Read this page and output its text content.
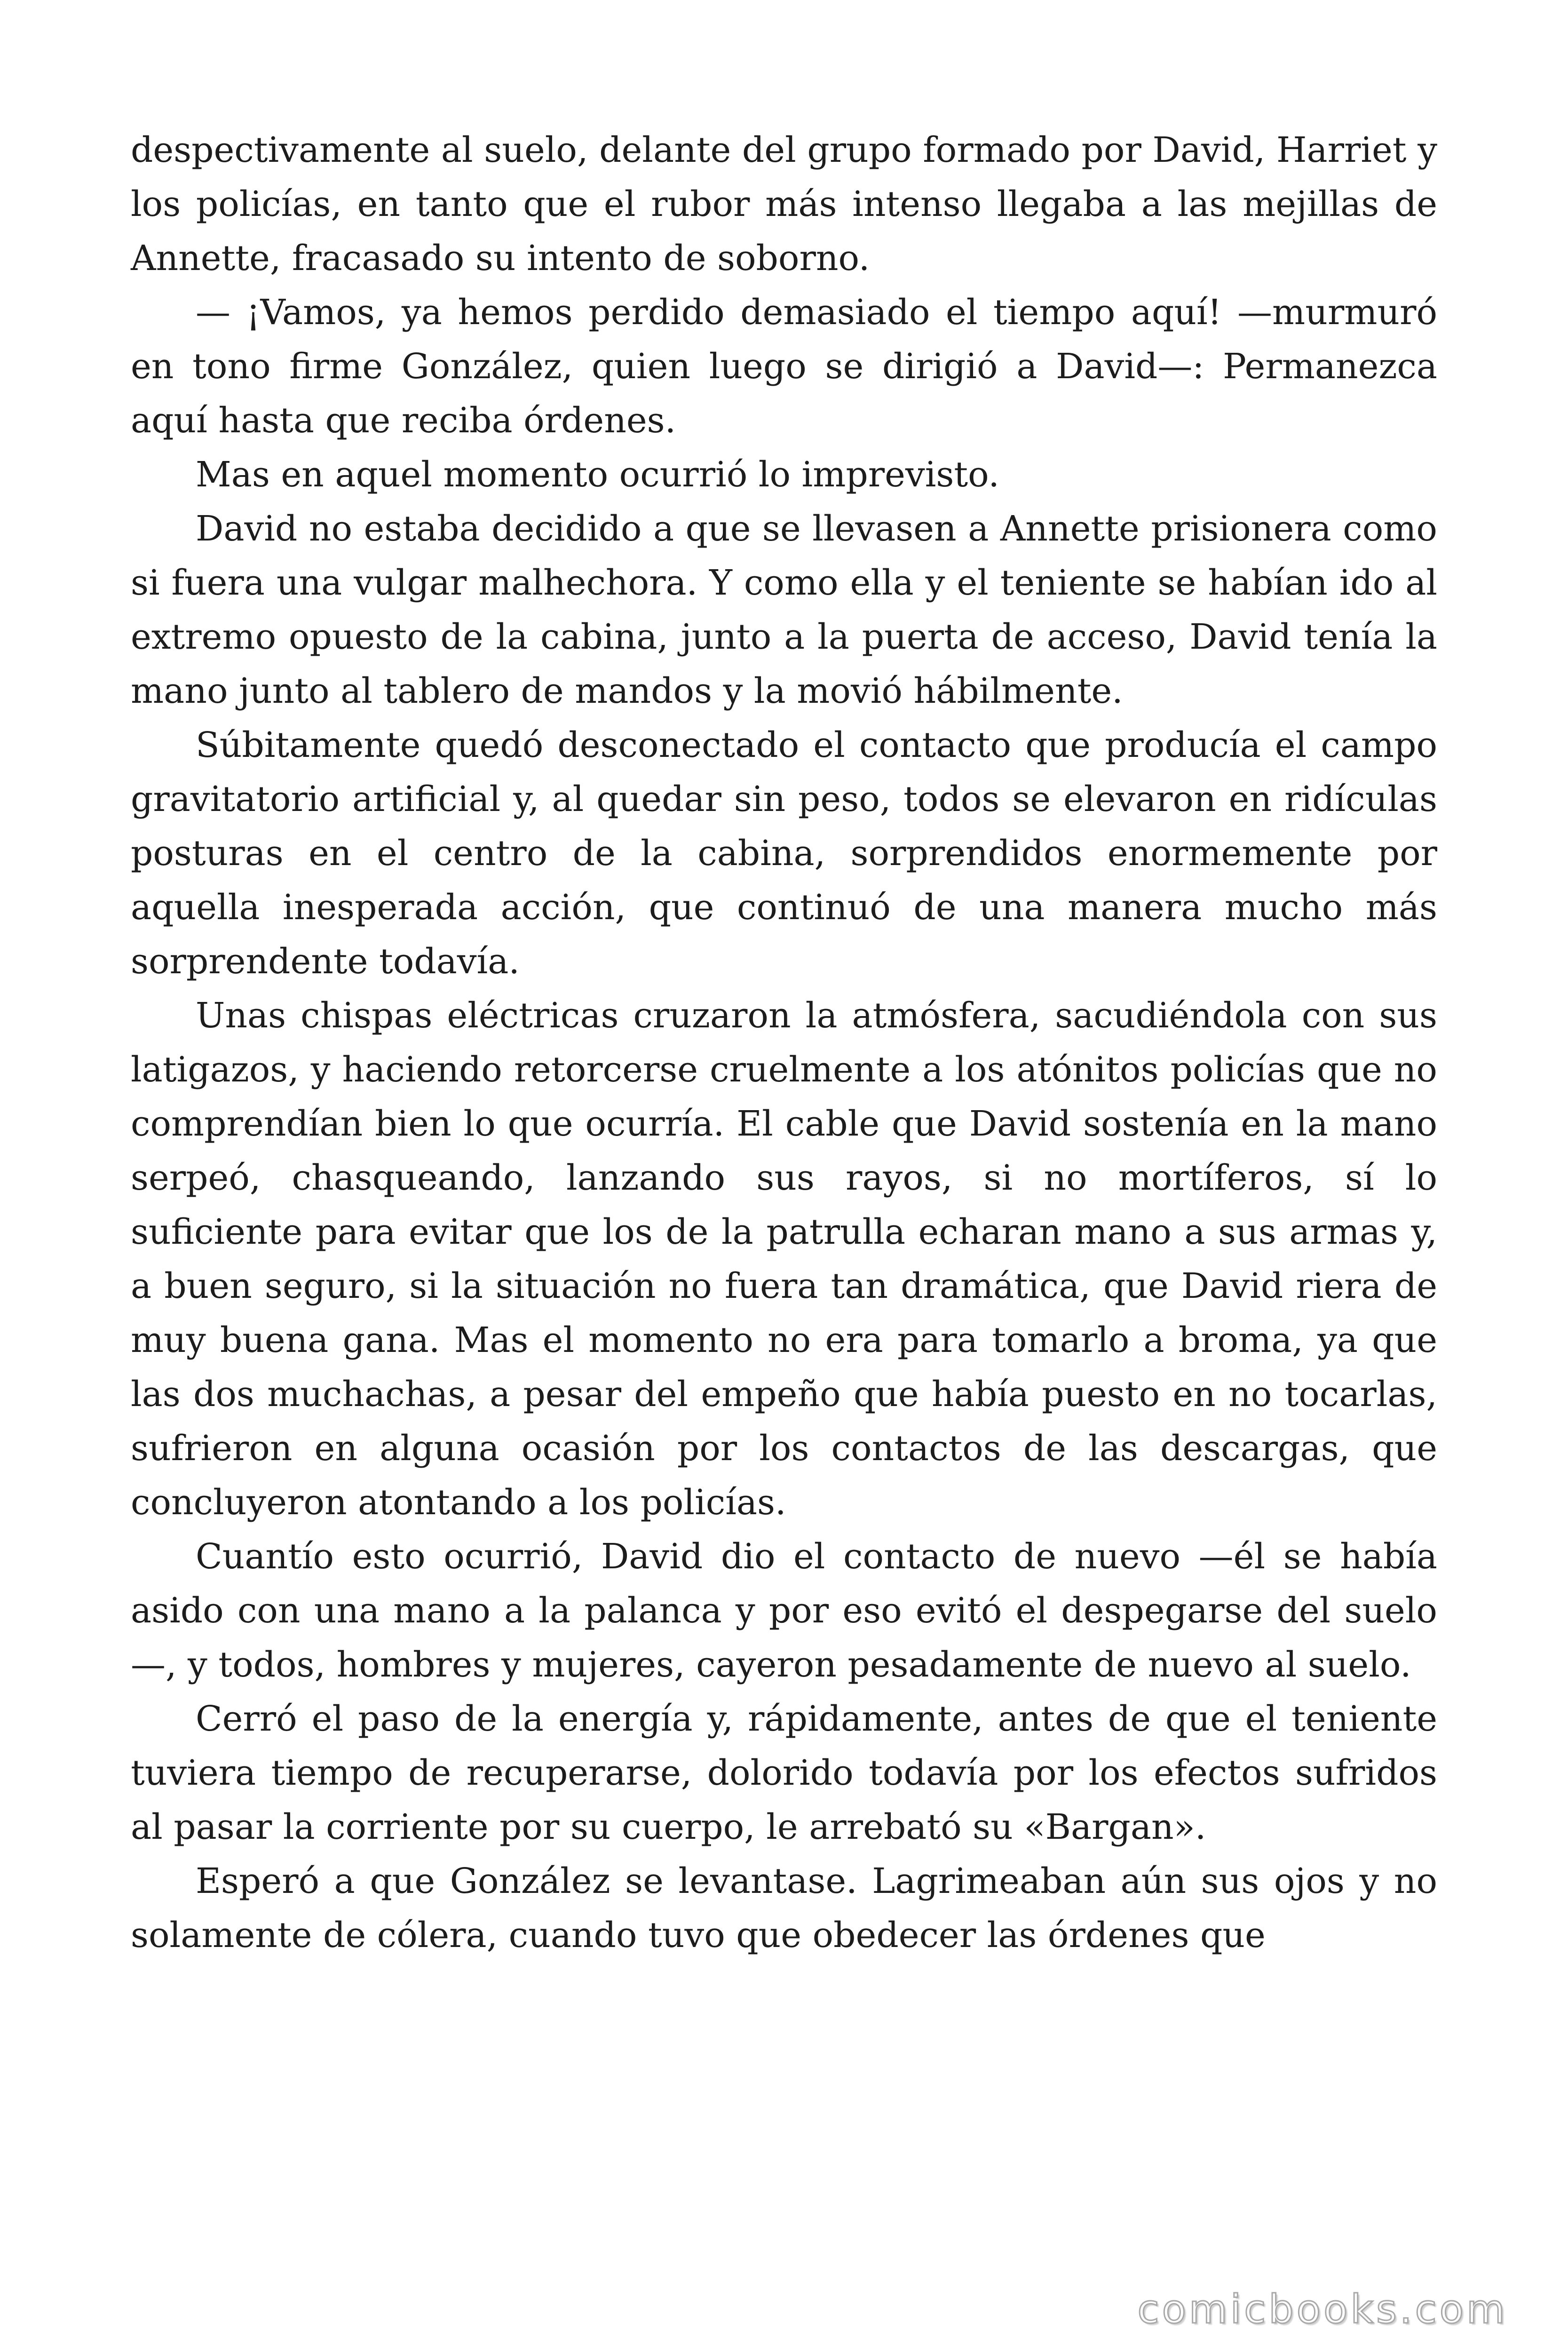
despectivamente al suelo, delante del grupo formado por David, Harriet y los policías, en tanto que el rubor más intenso llegaba a las mejillas de Annette, fracasado su intento de soborno.

— ¡Vamos, ya hemos perdido demasiado el tiempo aquí! —murmuró en tono firme González, quien luego se dirigió a David—: Permanezca aquí hasta que reciba órdenes.

Mas en aquel momento ocurrió lo imprevisto.

David no estaba decidido a que se llevasen a Annette prisionera como si fuera una vulgar malhechora. Y como ella y el teniente se habían ido al extremo opuesto de la cabina, junto a la puerta de acceso, David tenía la mano junto al tablero de mandos y la movió hábilmente.

Súbitamente quedó desconectado el contacto que producía el campo gravitatorio artificial y, al quedar sin peso, todos se elevaron en ridículas posturas en el centro de la cabina, sorprendidos enormemente por aquella inesperada acción, que continuó de una manera mucho más sorprendente todavía.

Unas chispas eléctricas cruzaron la atmósfera, sacudiéndola con sus latigazos, y haciendo retorcerse cruelmente a los atónitos policías que no comprendían bien lo que ocurría. El cable que David sostenía en la mano serpeó, chasqueando, lanzando sus rayos, si no mortíferos, sí lo suficiente para evitar que los de la patrulla echaran mano a sus armas y, a buen seguro, si la situación no fuera tan dramática, que David riera de muy buena gana. Mas el momento no era para tomarlo a broma, ya que las dos muchachas, a pesar del empeño que había puesto en no tocarlas, sufrieron en alguna ocasión por los contactos de las descargas, que concluyeron atontando a los policías.

Cuantío esto ocurrió, David dio el contacto de nuevo —él se había asido con una mano a la palanca y por eso evitó el despegarse del suelo—, y todos, hombres y mujeres, cayeron pesadamente de nuevo al suelo.

Cerró el paso de la energía y, rápidamente, antes de que el teniente tuviera tiempo de recuperarse, dolorido todavía por los efectos sufridos al pasar la corriente por su cuerpo, le arrebató su «Bargan».

Esperó a que González se levantase. Lagrimeaban aún sus ojos y no solamente de cólera, cuando tuvo que obedecer las órdenes que

comicbooks.com
